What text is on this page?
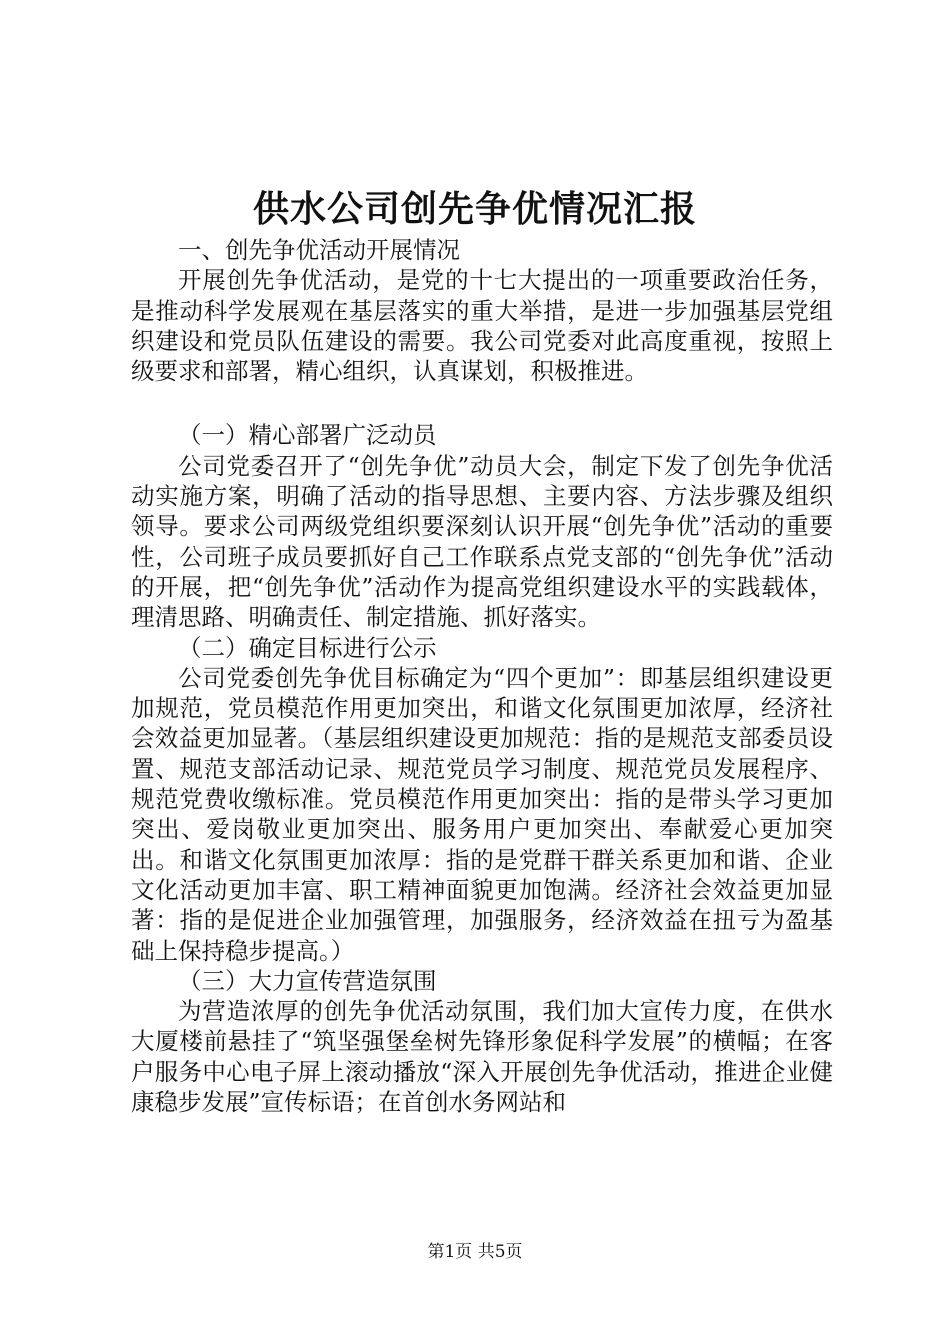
供水公司创先争优情况汇报

一、创先争优活动开展情况

开展创先争优活动，是党的十七大提出的一项重要政治任务，是推动科学发展观在基层落实的重大举措，是进一步加强基层党组织建设和党员队伍建设的需要。我公司党委对此高度重视，按照上级要求和部署，精心组织，认真谋划，积极推进。

（一）精心部署广泛动员

公司党委召开了“创先争优”动员大会，制定下发了创先争优活动实施方案，明确了活动的指导思想、主要内容、方法步骤及组织领导。要求公司两级党组织要深刻认识开展“创先争优”活动的重要性，公司班子成员要抓好自己工作联系点党支部的“创先争优”活动的开展，把“创先争优”活动作为提高党组织建设水平的实践载体，理清思路、明确责任、制定措施、抓好落实。

（二）确定目标进行公示

公司党委创先争优目标确定为“四个更加”：即基层组织建设更加规范，党员模范作用更加突出，和谐文化氛围更加浓厚，经济社会效益更加显著。（基层组织建设更加规范：指的是规范支部委员设置、规范支部活动记录、规范党员学习制度、规范党员发展程序、规范党费收缴标准。党员模范作用更加突出：指的是带头学习更加突出、爱岗敬业更加突出、服务用户更加突出、奉献爱心更加突出。和谐文化氛围更加浓厚：指的是党群干群关系更加和谐、企业文化活动更加丰富、职工精神面貌更加饱满。经济社会效益更加显著：指的是促进企业加强管理，加强服务，经济效益在扭亏为盈基础上保持稳步提高。）

（三）大力宣传营造氛围

为营造浓厚的创先争优活动氛围，我们加大宣传力度，在供水大厦楼前悬挂了“筑坚强堡垒树先锋形象促科学发展”的横幅；在客户服务中心电子屏上滚动播放“深入开展创先争优活动，推进企业健康稳步发展”宣传标语；在首创水务网站和

第1页 共5页
